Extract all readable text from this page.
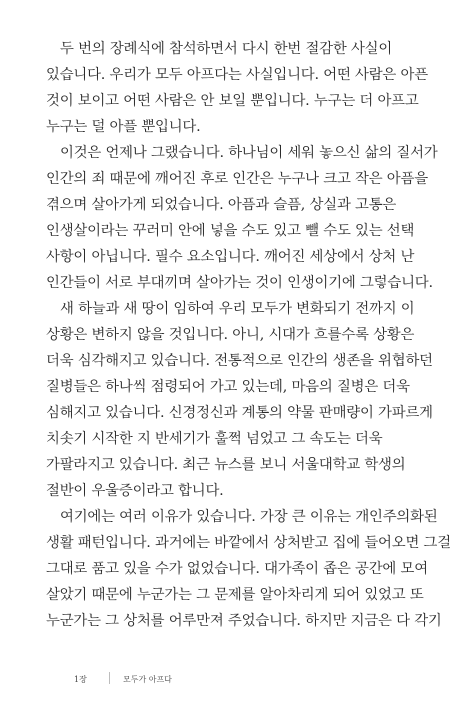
두 번의 장례식에 참석하면서 다시 한번 절감한 사실이
있습니다. 우리가 모두 아프다는 사실입니다. 어떤 사람은 아픈
것이 보이고 어떤 사람은 안 보일 뿐입니다. 누구는 더 아프고
누구는 덜 아플 뿐입니다.
이것은 언제나 그랬습니다. 하나님이 세워 놓으신 삶의 질서가
인간의 죄 때문에 깨어진 후로 인간은 누구나 크고 작은 아픔을
겪으며 살아가게 되었습니다. 아픔과 슬픔, 상실과 고통은
인생살이라는 꾸러미 안에 넣을 수도 있고 뺄 수도 있는 선택
사항이 아닙니다. 필수 요소입니다. 깨어진 세상에서 상처 난
인간들이 서로 부대끼며 살아가는 것이 인생이기에 그렇습니다.
새 하늘과 새 땅이 임하여 우리 모두가 변화되기 전까지 이
상황은 변하지 않을 것입니다. 아니, 시대가 흐를수록 상황은
더욱 심각해지고 있습니다. 전통적으로 인간의 생존을 위협하던
질병들은 하나씩 점령되어 가고 있는데, 마음의 질병은 더욱
심해지고 있습니다. 신경정신과 계통의 약물 판매량이 가파르게
치솟기 시작한 지 반세기가 훌쩍 넘었고 그 속도는 더욱
가팔라지고 있습니다. 최근 뉴스를 보니 서울대학교 학생의
절반이 우울증이라고 합니다.
여기에는 여러 이유가 있습니다. 가장 큰 이유는 개인주의화된
생활 패턴입니다. 과거에는 바깥에서 상처받고 집에 들어오면 그걸
그대로 품고 있을 수가 없었습니다. 대가족이 좁은 공간에 모여
살았기 때문에 누군가는 그 문제를 알아차리게 되어 있었고 또
누군가는 그 상처를 어루만져 주었습니다. 하지만 지금은 다 각기
1장	모두가 아프다
